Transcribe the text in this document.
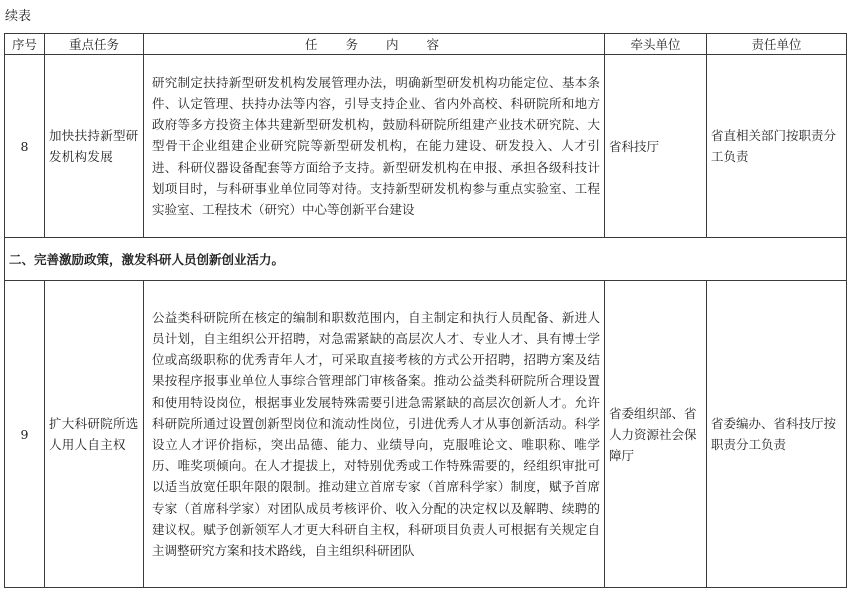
续表
序号	重点任务	任务内容	牵头单位	责任单位
8	加快扶持新型研发机构发展	研究制定扶持新型研发机构发展管理办法，明确新型研发机构功能定位、基本条件、认定管理、扶持办法等内容，引导支持企业、省内外高校、科研院所和地方政府等多方投资主体共建新型研发机构，鼓励科研院所组建产业技术研究院、大型骨干企业组建企业研究院等新型研发机构，在能力建设、研发投入、人才引进、科研仪器设备配套等方面给予支持。新型研发机构在申报、承担各级科技计划项目时，与科研事业单位同等对待。支持新型研发机构参与重点实验室、工程实验室、工程技术（研究）中心等创新平台建设	省科技厅	省直相关部门按职责分工负责
二、完善激励政策，激发科研人员创新创业活力。				
9	扩大科研院所选人用人自主权	公益类科研院所在核定的编制和职数范围内，自主制定和执行人员配备、新进人员计划，自主组织公开招聘，对急需紧缺的高层次人才、专业人才、具有博士学位或高级职称的优秀青年人才，可采取直接考核的方式公开招聘，招聘方案及结果按程序报事业单位人事综合管理部门审核备案。推动公益类科研院所合理设置和使用特设岗位，根据事业发展特殊需要引进急需紧缺的高层次创新人才。允许科研院所通过设置创新型岗位和流动性岗位，引进优秀人才从事创新活动。科学设立人才评价指标，突出品德、能力、业绩导向，克服唯论文、唯职称、唯学历、唯奖项倾向。在人才提拔上，对特别优秀或工作特殊需要的，经组织审批可以适当放宽任职年限的限制。推动建立首席专家（首席科学家）制度，赋予首席专家（首席科学家）对团队成员考核评价、收入分配的决定权以及解聘、续聘的建议权。赋予创新领军人才更大科研自主权，科研项目负责人可根据有关规定自主调整研究方案和技术路线，自主组织科研团队	省委组织部、省人力资源社会保障厅	省委编办、省科技厅按职责分工负责
